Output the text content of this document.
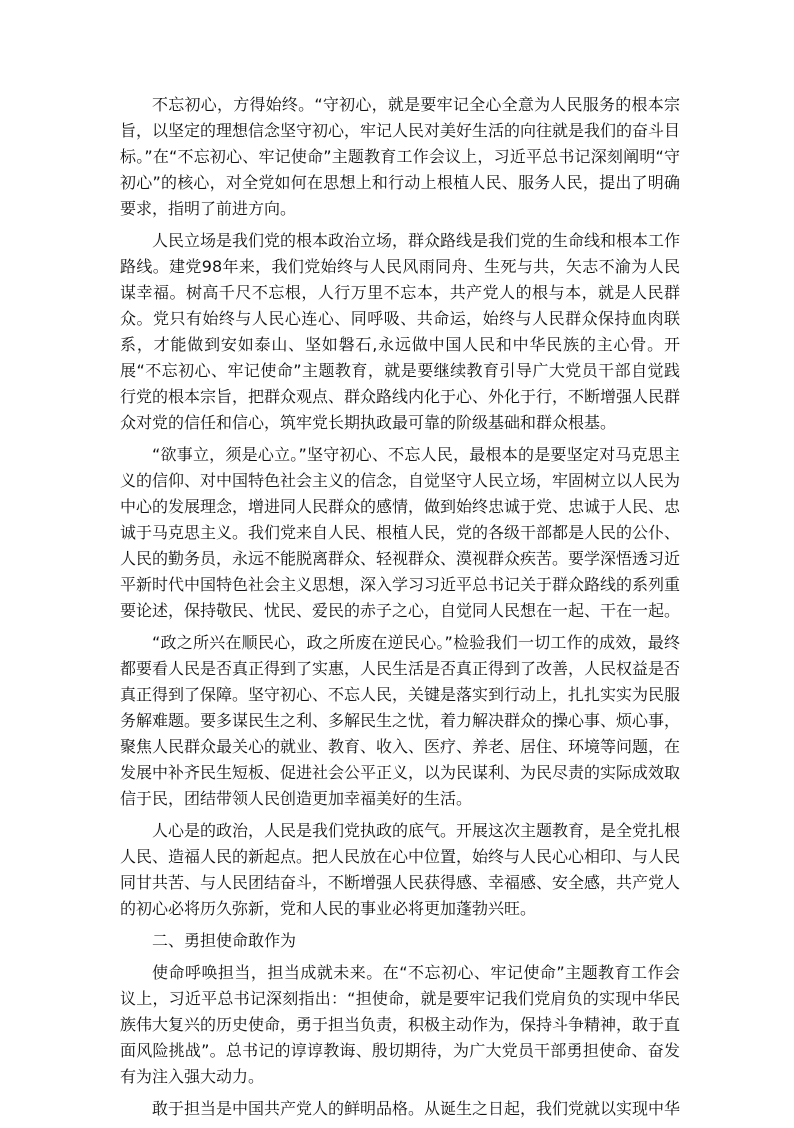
不忘初心，方得始终。“守初心，就是要牢记全心全意为人民服务的根本宗旨，以坚定的理想信念坚守初心，牢记人民对美好生活的向往就是我们的奋斗目标。”在“不忘初心、牢记使命”主题教育工作会议上，习近平总书记深刻阐明“守初心”的核心，对全党如何在思想上和行动上根植人民、服务人民，提出了明确要求，指明了前进方向。

人民立场是我们党的根本政治立场，群众路线是我们党的生命线和根本工作路线。建党98年来，我们党始终与人民风雨同舟、生死与共，矢志不渝为人民谋幸福。树高千尺不忘根，人行万里不忘本，共产党人的根与本，就是人民群众。党只有始终与人民心连心、同呼吸、共命运，始终与人民群众保持血肉联系，才能做到安如泰山、坚如磐石,永远做中国人民和中华民族的主心骨。开展“不忘初心、牢记使命”主题教育，就是要继续教育引导广大党员干部自觉践行党的根本宗旨，把群众观点、群众路线内化于心、外化于行，不断增强人民群众对党的信任和信心，筑牢党长期执政最可靠的阶级基础和群众根基。

“欲事立，须是心立。”坚守初心、不忘人民，最根本的是要坚定对马克思主义的信仰、对中国特色社会主义的信念，自觉坚守人民立场，牢固树立以人民为中心的发展理念，增进同人民群众的感情，做到始终忠诚于党、忠诚于人民、忠诚于马克思主义。我们党来自人民、根植人民，党的各级干部都是人民的公仆、人民的勤务员，永远不能脱离群众、轻视群众、漠视群众疾苦。要学深悟透习近平新时代中国特色社会主义思想，深入学习习近平总书记关于群众路线的系列重要论述，保持敬民、忧民、爱民的赤子之心，自觉同人民想在一起、干在一起。

“政之所兴在顺民心，政之所废在逆民心。”检验我们一切工作的成效，最终都要看人民是否真正得到了实惠，人民生活是否真正得到了改善，人民权益是否真正得到了保障。坚守初心、不忘人民，关键是落实到行动上，扎扎实实为民服务解难题。要多谋民生之利、多解民生之忧，着力解决群众的操心事、烦心事，聚焦人民群众最关心的就业、教育、收入、医疗、养老、居住、环境等问题，在发展中补齐民生短板、促进社会公平正义，以为民谋利、为民尽责的实际成效取信于民，团结带领人民创造更加幸福美好的生活。

人心是的政治，人民是我们党执政的底气。开展这次主题教育，是全党扎根人民、造福人民的新起点。把人民放在心中位置，始终与人民心心相印、与人民同甘共苦、与人民团结奋斗，不断增强人民获得感、幸福感、安全感，共产党人的初心必将历久弥新，党和人民的事业必将更加蓬勃兴旺。

二、勇担使命敢作为

使命呼唤担当，担当成就未来。在“不忘初心、牢记使命”主题教育工作会议上，习近平总书记深刻指出：“担使命，就是要牢记我们党肩负的实现中华民族伟大复兴的历史使命，勇于担当负责，积极主动作为，保持斗争精神，敢于直面风险挑战”。总书记的谆谆教诲、殷切期待，为广大党员干部勇担使命、奋发有为注入强大动力。

敢于担当是中国共产党人的鲜明品格。从诞生之日起，我们党就以实现中华
